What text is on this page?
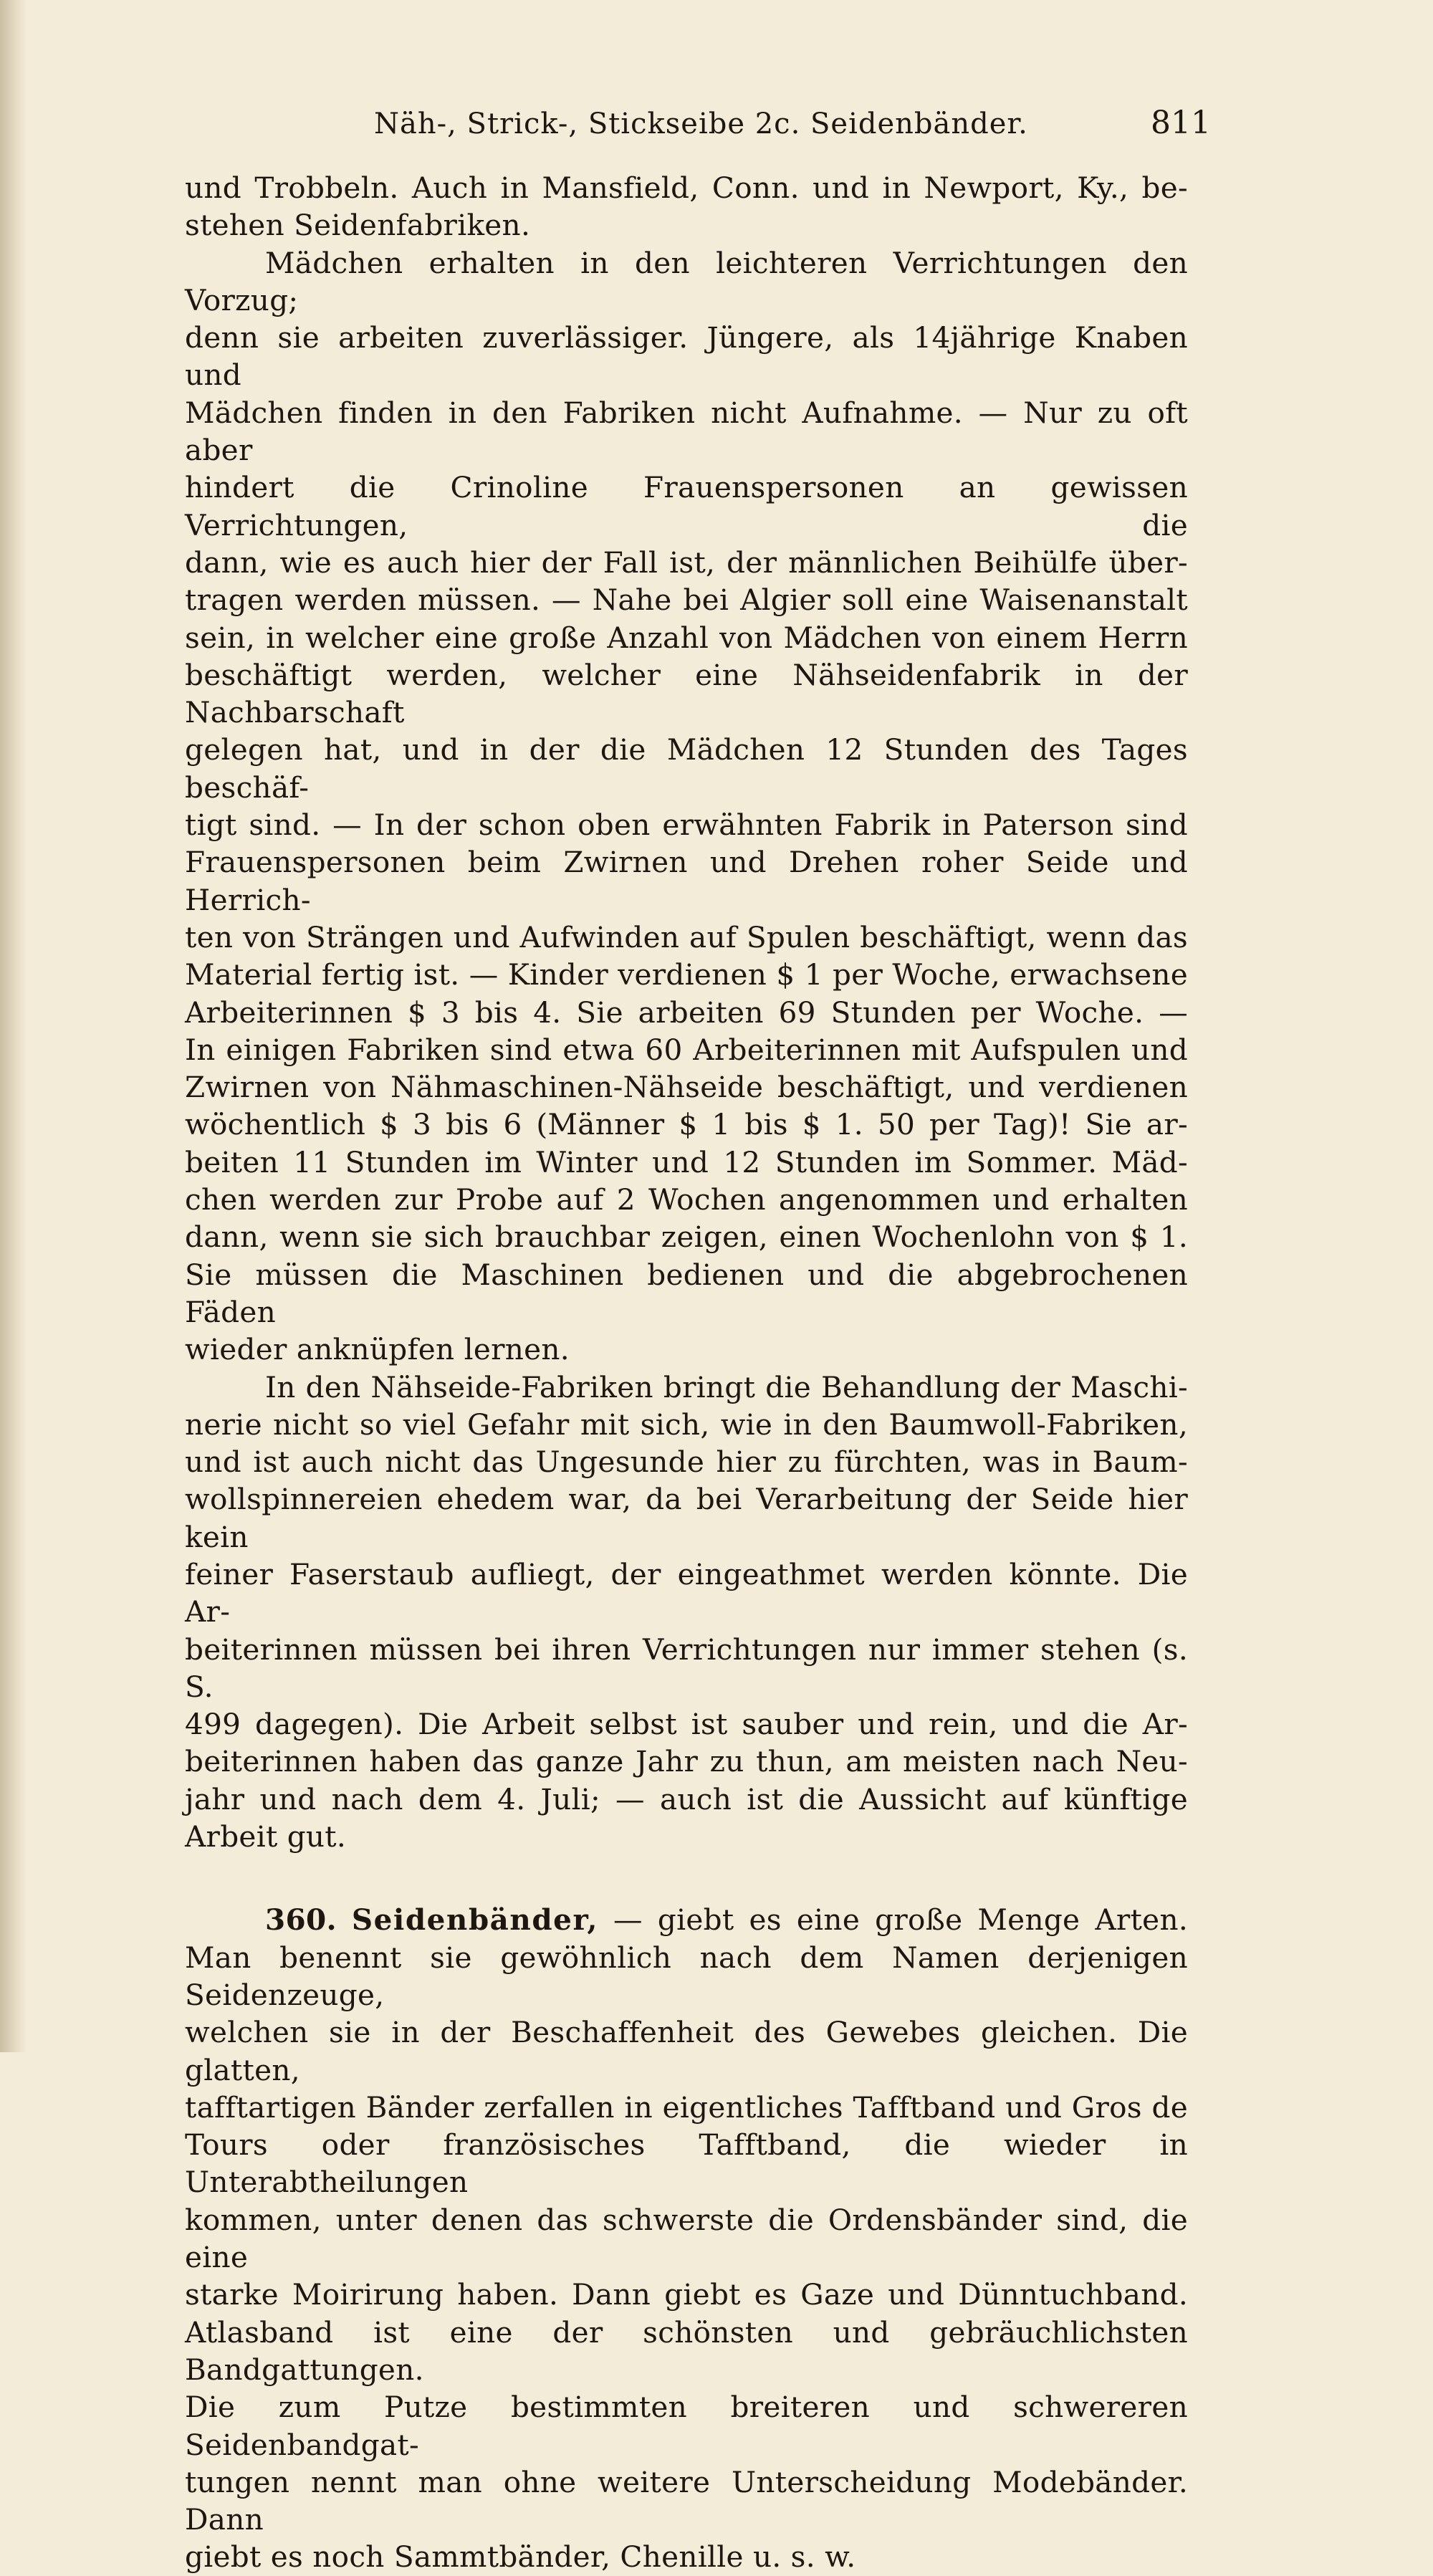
Näh-, Strick-, Stickseibe 2c. Seidenbänder.	811

und Trobbeln. Auch in Mansfield, Conn. und in Newport, Ky., be-

stehen Seidenfabriken.

Mädchen erhalten in den leichteren Verrichtungen den Vorzug;

denn sie arbeiten zuverlässiger. Jüngere, als 14jährige Knaben und

Mädchen finden in den Fabriken nicht Aufnahme. — Nur zu oft aber

hindert die Crinoline Frauenspersonen an gewissen Verrichtungen, die

dann, wie es auch hier der Fall ist, der männlichen Beihülfe über-

tragen werden müssen. — Nahe bei Algier soll eine Waisenanstalt

sein, in welcher eine große Anzahl von Mädchen von einem Herrn

beschäftigt werden, welcher eine Nähseidenfabrik in der Nachbarschaft

gelegen hat, und in der die Mädchen 12 Stunden des Tages beschäf-

tigt sind. — In der schon oben erwähnten Fabrik in Paterson sind

Frauenspersonen beim Zwirnen und Drehen roher Seide und Herrich-

ten von Strängen und Aufwinden auf Spulen beschäftigt, wenn das

Material fertig ist. — Kinder verdienen $ 1 per Woche, erwachsene

Arbeiterinnen $ 3 bis 4. Sie arbeiten 69 Stunden per Woche. —

In einigen Fabriken sind etwa 60 Arbeiterinnen mit Aufspulen und

Zwirnen von Nähmaschinen-Nähseide beschäftigt, und verdienen

wöchentlich $ 3 bis 6 (Männer $ 1 bis $ 1. 50 per Tag)! Sie ar-

beiten 11 Stunden im Winter und 12 Stunden im Sommer. Mäd-

chen werden zur Probe auf 2 Wochen angenommen und erhalten

dann, wenn sie sich brauchbar zeigen, einen Wochenlohn von $ 1.

Sie müssen die Maschinen bedienen und die abgebrochenen Fäden

wieder anknüpfen lernen.

In den Nähseide-Fabriken bringt die Behandlung der Maschi-

nerie nicht so viel Gefahr mit sich, wie in den Baumwoll-Fabriken,

und ist auch nicht das Ungesunde hier zu fürchten, was in Baum-

wollspinnereien ehedem war, da bei Verarbeitung der Seide hier kein

feiner Faserstaub aufliegt, der eingeathmet werden könnte. Die Ar-

beiterinnen müssen bei ihren Verrichtungen nur immer stehen (s. S.

499 dagegen). Die Arbeit selbst ist sauber und rein, und die Ar-

beiterinnen haben das ganze Jahr zu thun, am meisten nach Neu-

jahr und nach dem 4. Juli; — auch ist die Aussicht auf künftige

Arbeit gut.

360. Seidenbänder, — giebt es eine große Menge Arten.

Man benennt sie gewöhnlich nach dem Namen derjenigen Seidenzeuge,

welchen sie in der Beschaffenheit des Gewebes gleichen. Die glatten,

tafftartigen Bänder zerfallen in eigentliches Tafftband und Gros de

Tours oder französisches Tafftband, die wieder in Unterabtheilungen

kommen, unter denen das schwerste die Ordensbänder sind, die eine

starke Moirirung haben. Dann giebt es Gaze und Dünntuchband.

Atlasband ist eine der schönsten und gebräuchlichsten Bandgattungen.

Die zum Putze bestimmten breiteren und schwereren Seidenbandgat-

tungen nennt man ohne weitere Unterscheidung Modebänder. Dann

giebt es noch Sammtbänder, Chenille u. s. w.
